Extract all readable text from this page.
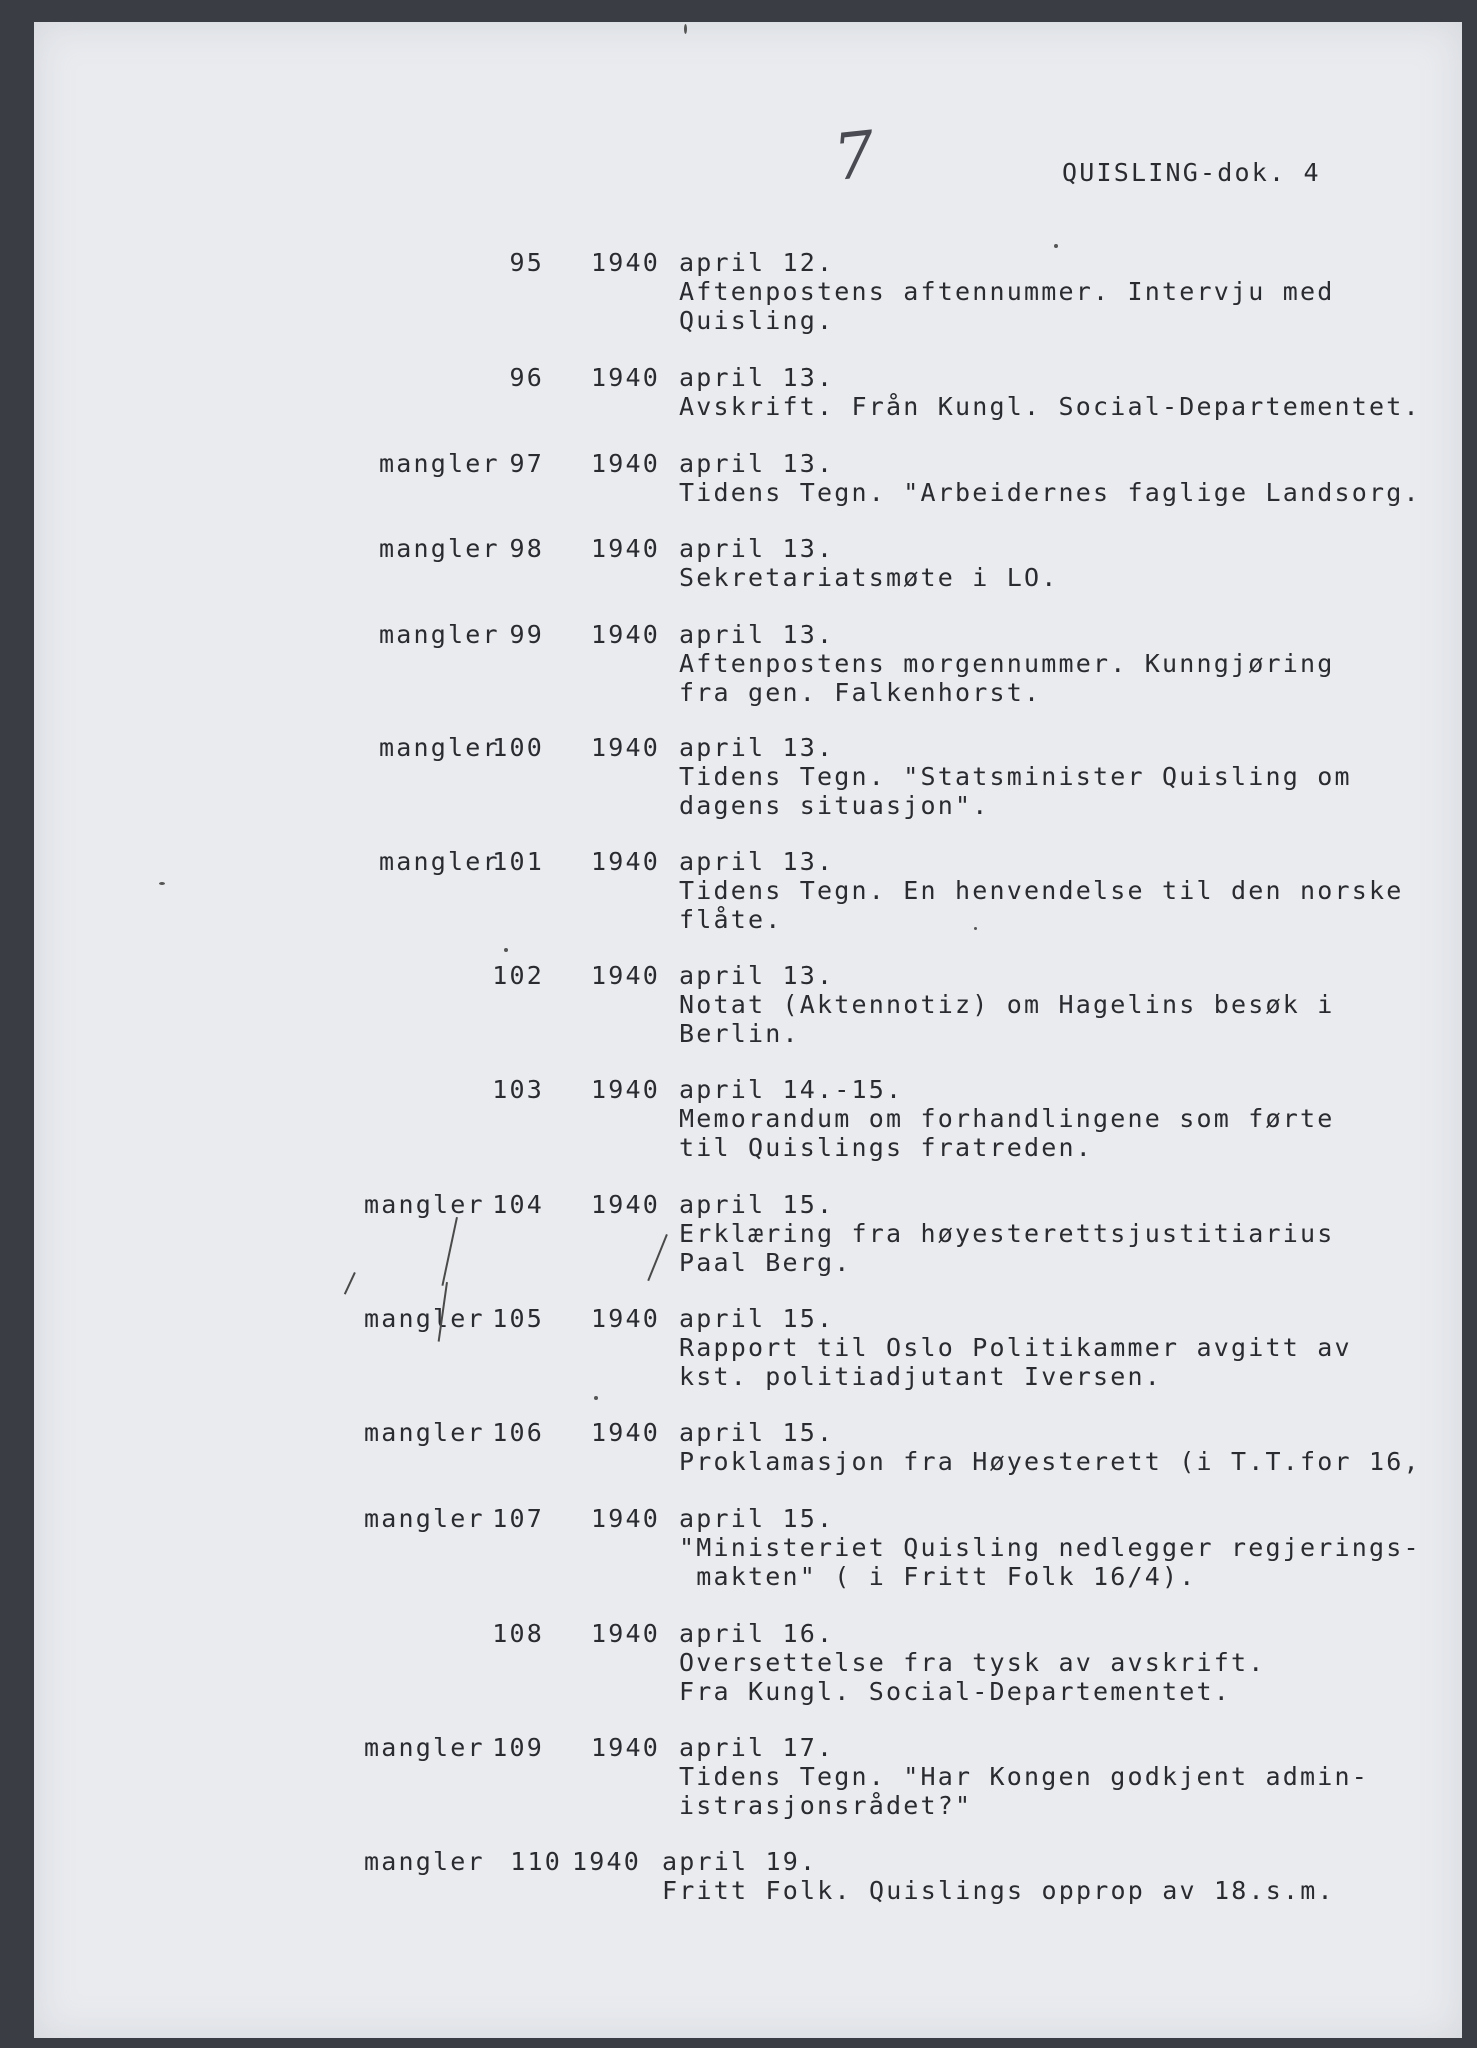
7	QUISLING-dok. 4
95 1940 april 12.
Aftenpostens aftennummer. Intervju med
Quisling.
96 1940 april 13.
Avskrift. Från Kungl. Social-Departementet.
mangler 97 1940 april 13.
Tidens Tegn. "Arbeidernes faglige Landsorg.
mangler 98 1940 april 13.
Sekretariatsmøte i LO.
mangler 99 1940 april 13.
Aftenpostens morgennummer. Kunngjøring
fra gen. Falkenhorst.
mangler
100 1940 april 13.
Tidens Tegn. "Statsminister Quisling om
dagens situasjon".
mangler
101 1940 april 13.
Tidens Tegn. En henvendelse til den norske
flåte.
102 1940 april 13.
Notat (Aktennotiz) om Hagelins besøk i
Berlin.
103 1940 april 14.-15.
Memorandum om forhandlingene som førte
til Quislings fratreden.
mangler 104 1940 april 15.
Erklæring fra høyesterettsjustitiarius
Paal Berg.
mangler 105 1940 april 15.
Rapport til Oslo Politikammer avgitt av
kst. politiadjutant Iversen.
mangler 106 1940 april 15.
Proklamasjon fra Høyesterett (i T.T.for 16,
mangler 107 1940 april 15.
"Ministeriet Quisling nedlegger regjerings-
makten" ( i Fritt Folk 16/4).
108 1940 april 16.
Oversettelse fra tysk av avskrift.
Fra Kungl. Social-Departementet.
mangler 109 1940 april 17.
Tidens Tegn. "Har Kongen godkjent admin-
istrasjonsrådet?"
mangler	110 1940 april 19.
Fritt Folk. Quislings opprop av 18.s.m.
